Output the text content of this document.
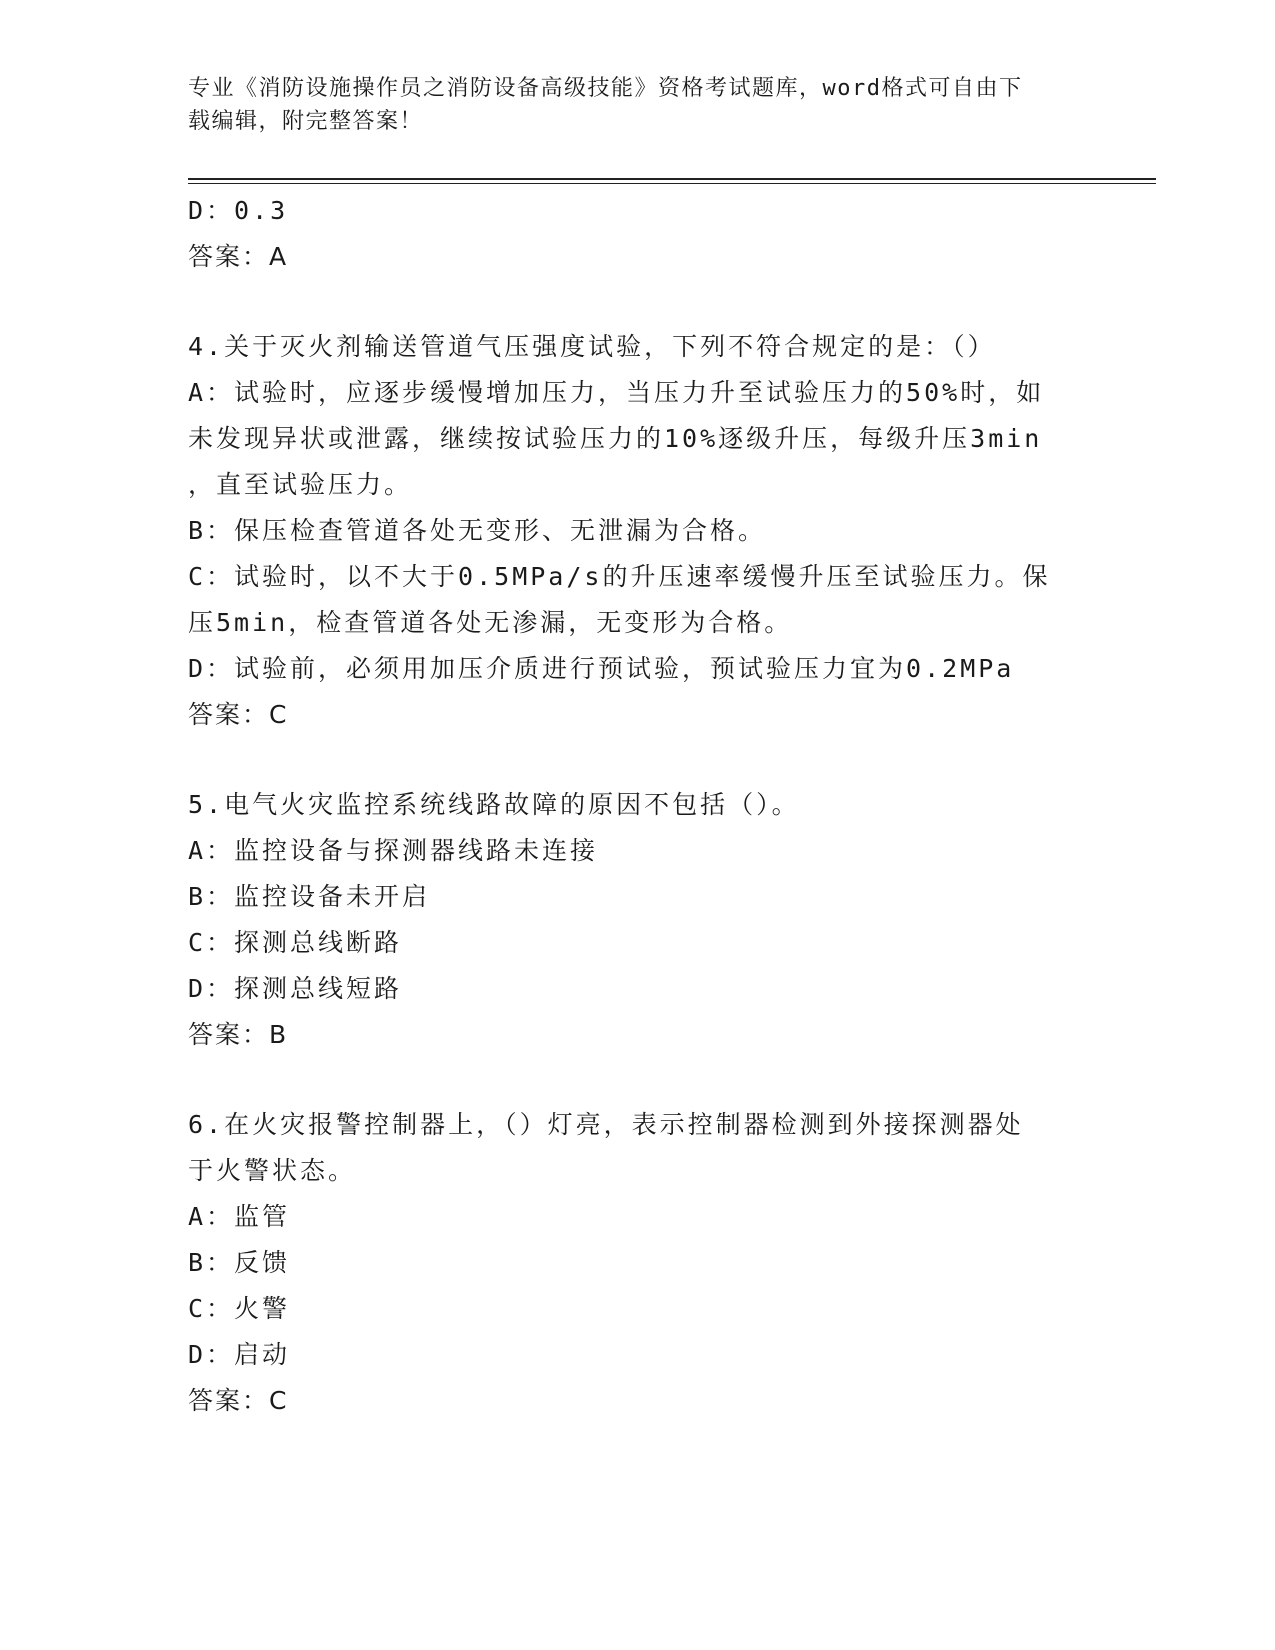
专业《消防设施操作员之消防设备高级技能》资格考试题库，word格式可自由下
载编辑，附完整答案！
D：0.3
答案：A
4.关于灭火剂输送管道气压强度试验，下列不符合规定的是：（）
A：试验时，应逐步缓慢增加压力，当压力升至试验压力的50%时，如
未发现异状或泄露，继续按试验压力的10%逐级升压，每级升压3min
，直至试验压力。
B：保压检查管道各处无变形、无泄漏为合格。
C：试验时，以不大于0.5MPa/s的升压速率缓慢升压至试验压力。保
压5min，检查管道各处无渗漏，无变形为合格。
D：试验前，必须用加压介质进行预试验，预试验压力宜为0.2MPa
答案：C
5.电气火灾监控系统线路故障的原因不包括（）。
A：监控设备与探测器线路未连接
B：监控设备未开启
C：探测总线断路
D：探测总线短路
答案：B
6.在火灾报警控制器上，（）灯亮，表示控制器检测到外接探测器处
于火警状态。
A：监管
B：反馈
C：火警
D：启动
答案：C
